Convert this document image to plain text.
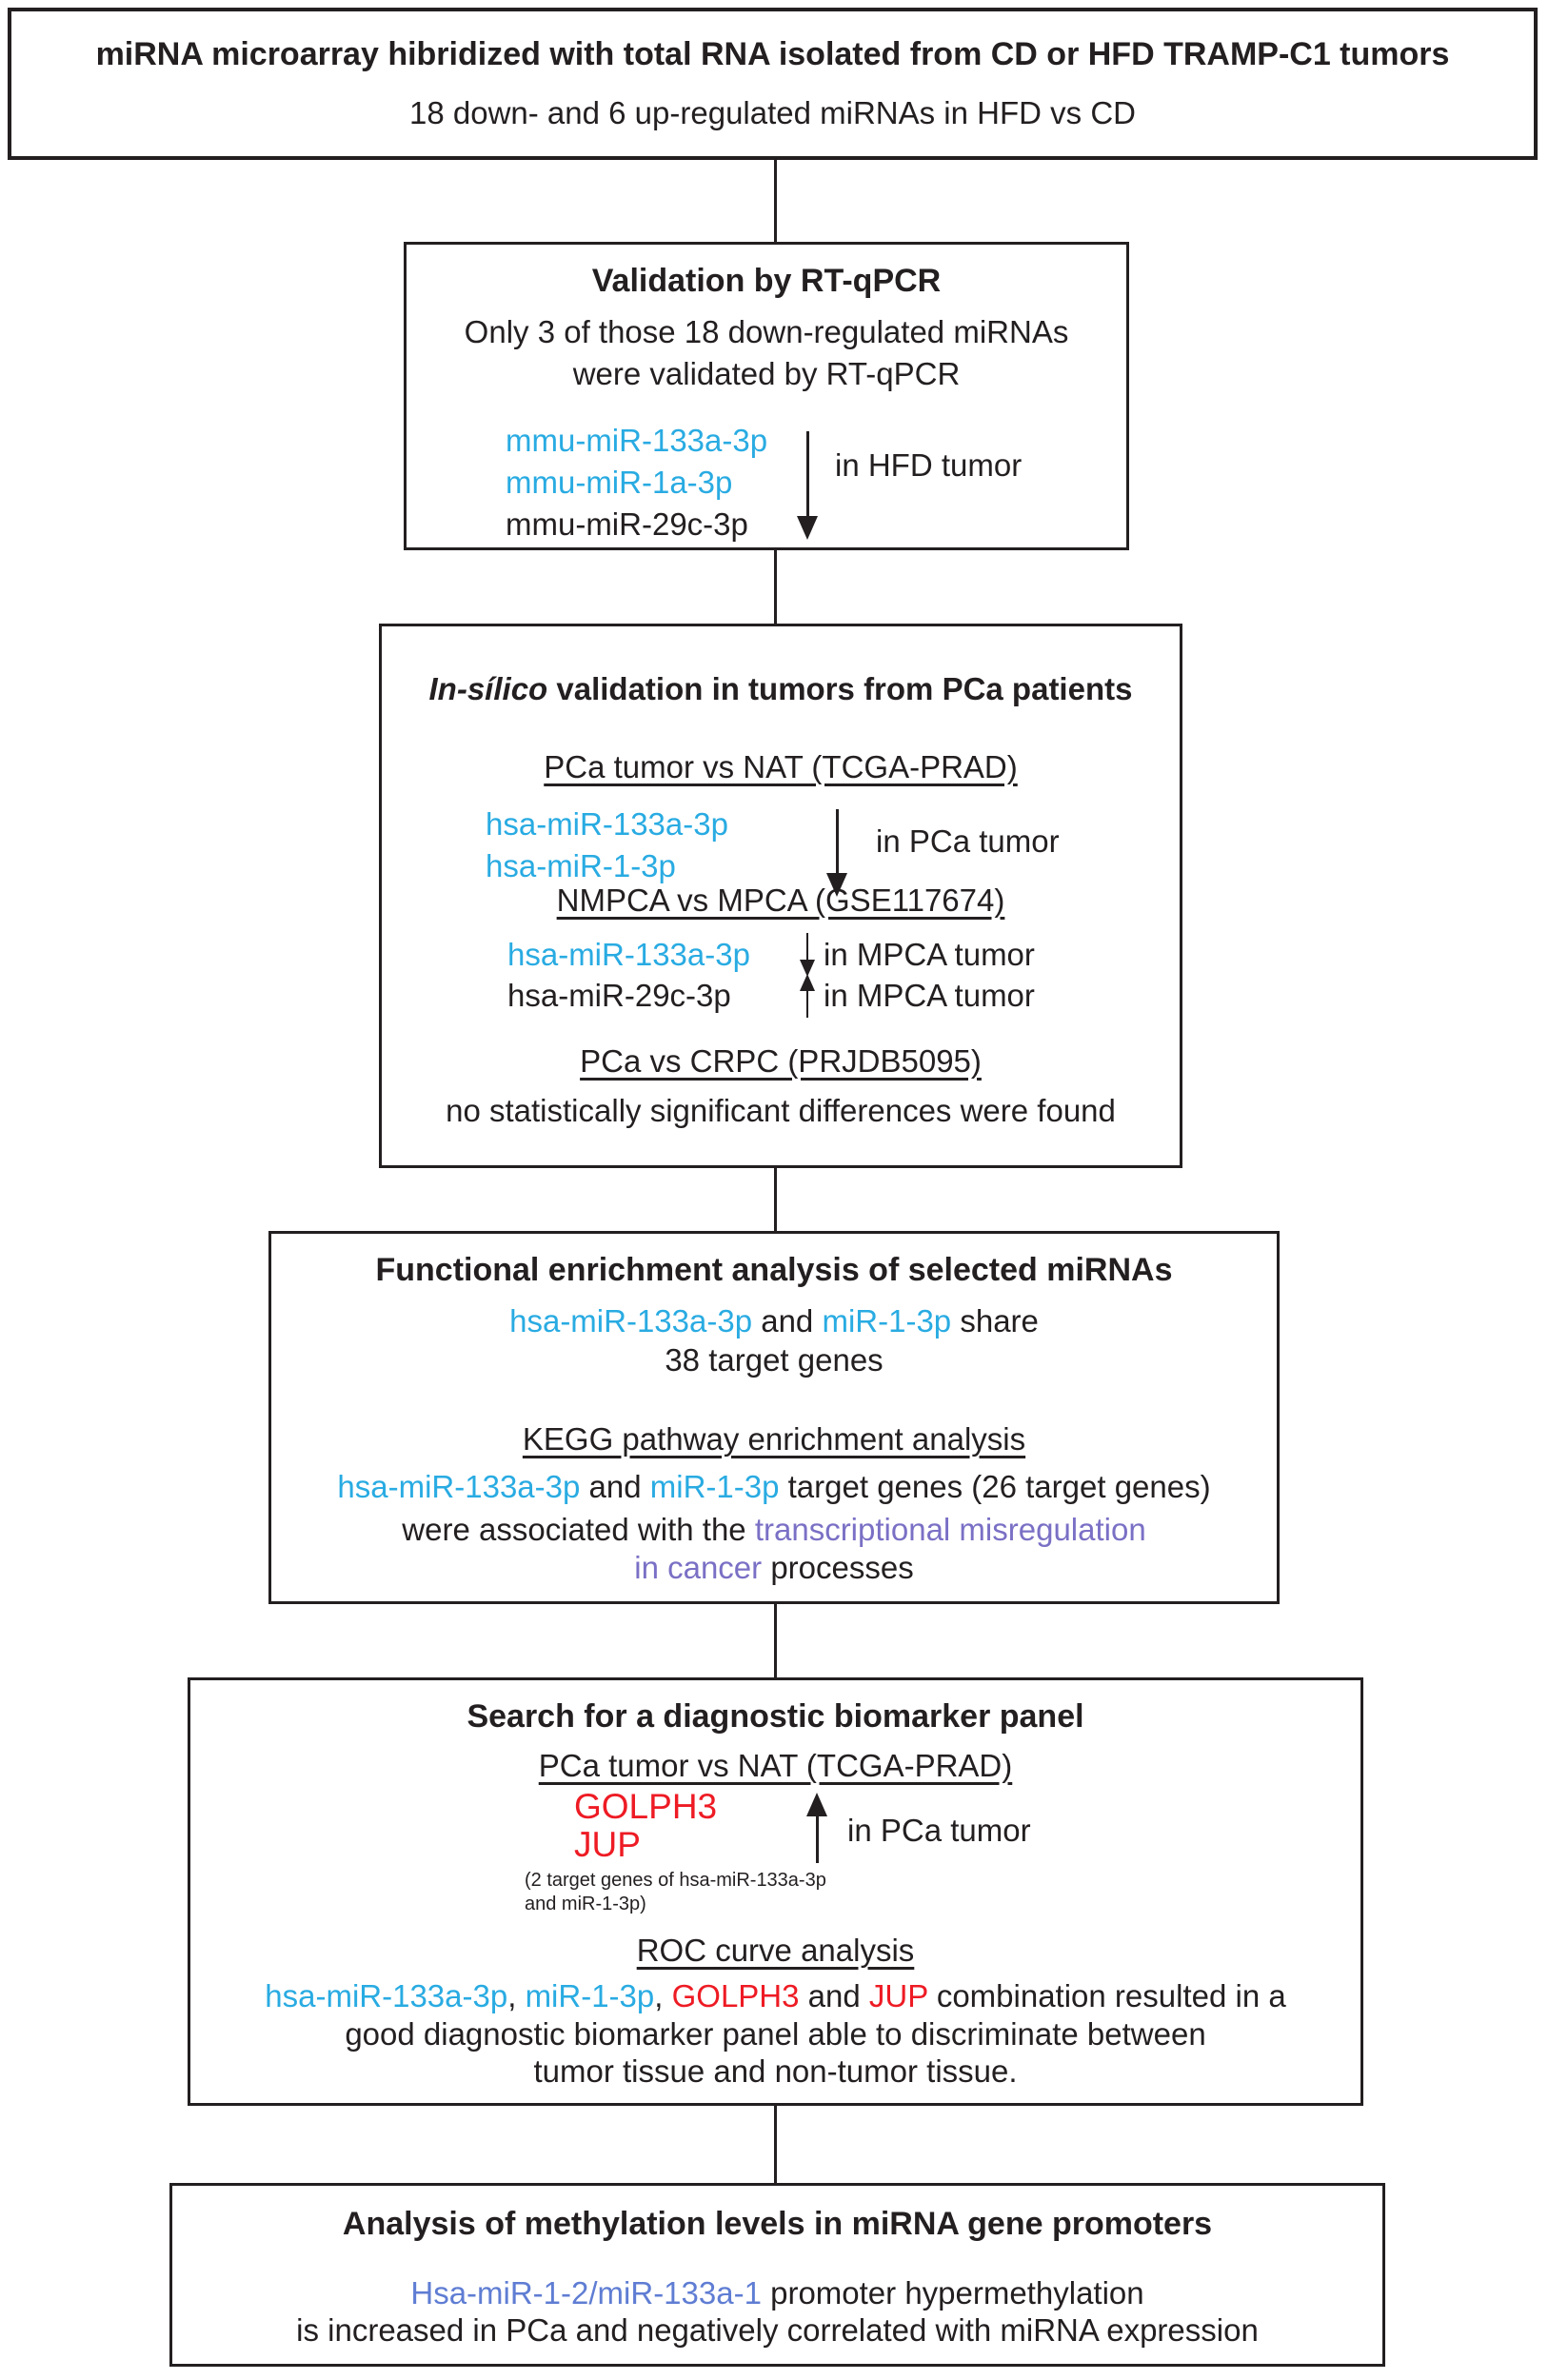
miRNA microarray hibridized with total RNA isolated from CD or HFD TRAMP-C1 tumors
18 down- and 6 up-regulated miRNAs in HFD vs CD
Validation by RT-qPCR
Only 3 of those 18 down-regulated miRNAs
were validated by RT-qPCR
mmu-miR-133a-3p
mmu-miR-1a-3p
mmu-miR-29c-3p
in HFD tumor
In-sílico validation in tumors from PCa patients
PCa tumor vs NAT (TCGA-PRAD)
hsa-miR-133a-3p
hsa-miR-1-3p
in PCa tumor
NMPCA vs MPCA (GSE117674)
hsa-miR-133a-3p in MPCA tumor
hsa-miR-29c-3p	in MPCA tumor
PCa vs CRPC (PRJDB5095)
no statistically significant differences were found
Functional enrichment analysis of selected miRNAs
hsa-miR-133a-3p and miR-1-3p share
38 target genes
KEGG pathway enrichment analysis
hsa-miR-133a-3p and miR-1-3p target genes (26 target genes)
were associated with the transcriptional misregulation
in cancer processes
Search for a diagnostic biomarker panel
PCa tumor vs NAT (TCGA-PRAD)
GOLPH3
JUP	in PCa tumor
(2 target genes of hsa-miR-133a-3p
and miR-1-3p)
ROC curve analysis
hsa-miR-133a-3p, miR-1-3p, GOLPH3 and JUP combination resulted in a
good diagnostic biomarker panel able to discriminate between
tumor tissue and non-tumor tissue.
Analysis of methylation levels in miRNA gene promoters
Hsa-miR-1-2/miR-133a-1 promoter hypermethylation
is increased in PCa and negatively correlated with miRNA expression
